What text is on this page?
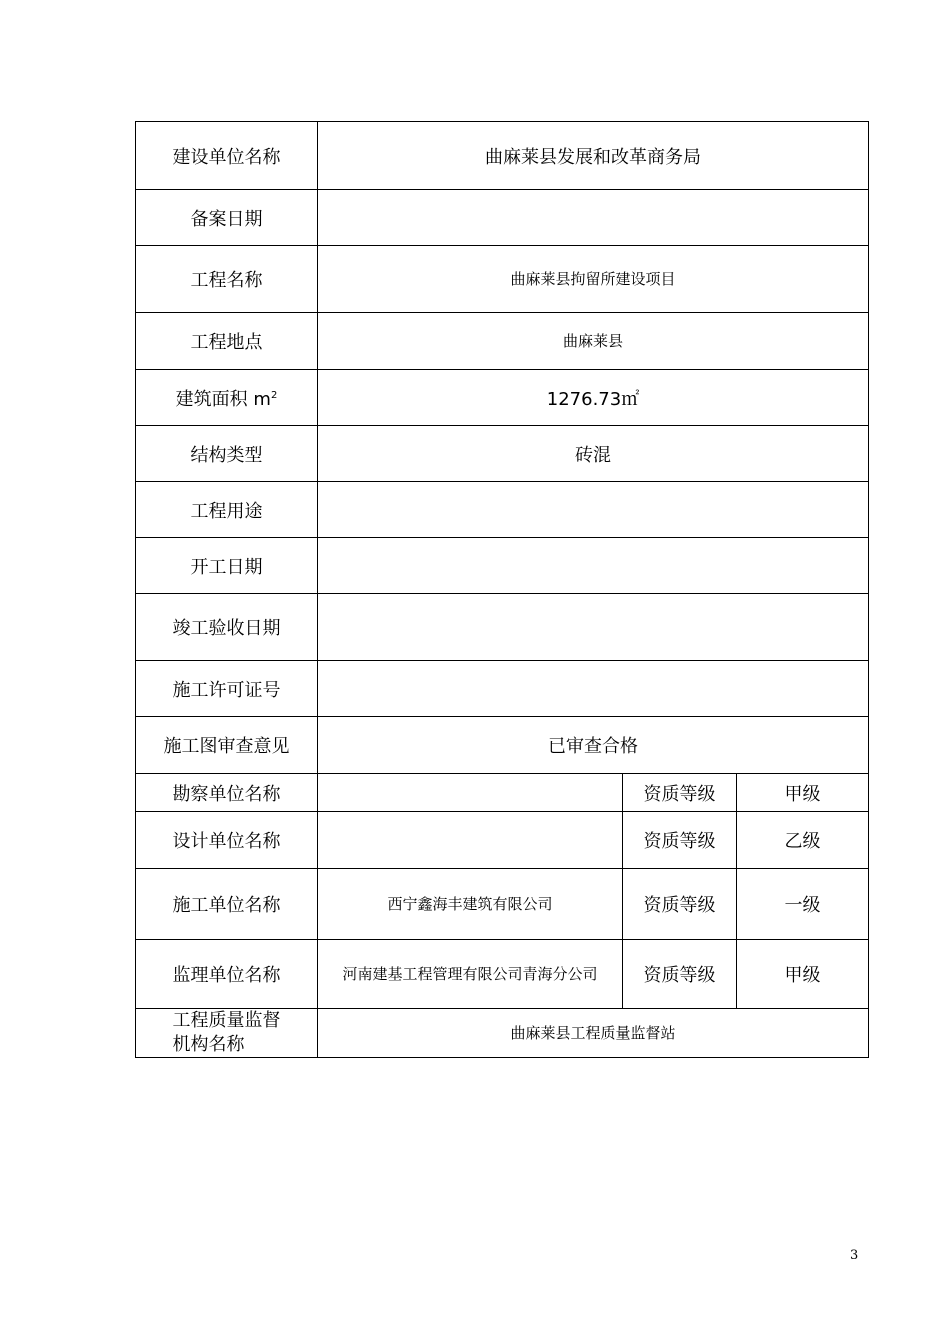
建设单位名称	曲麻莱县发展和改革商务局		
备案日期			
工程名称	曲麻莱县拘留所建设项目		
工程地点	曲麻莱县		
建筑面积 $m^2$	1276.73㎡		
结构类型	砖混		
工程用途			
开工日期			
竣工验收日期			
施工许可证号			
施工图审查意见	已审查合格		
勘察单位名称		资质等级	甲级
设计单位名称		资质等级	乙级
施工单位名称	西宁鑫海丰建筑有限公司	资质等级	一级
监理单位名称	河南建基工程管理有限公司青海分公司	资质等级	甲级
工程质量监督
机构名称	曲麻莱县工程质量监督站		
3
